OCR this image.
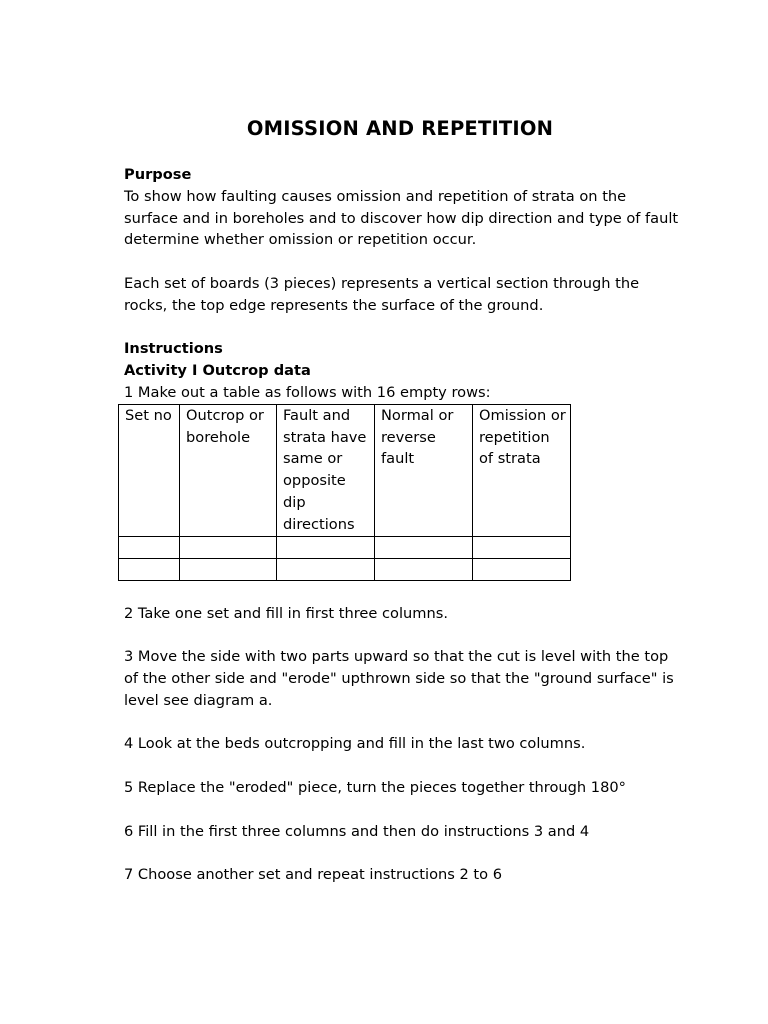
OMISSION AND REPETITION

Purpose

To show how faulting causes omission and repetition of strata on the surface and in boreholes and to discover how dip direction and type of fault determine whether omission or repetition occur.

Each set of boards (3 pieces) represents a vertical section through the rocks, the top edge represents the surface of the ground.

Instructions

Activity I Outcrop data

1 Make out a table as follows with 16 empty rows:

Set no	Outcrop or borehole	Fault and strata have same or opposite dip directions	Normal or reverse fault	Omission or repetition of strata

2 Take one set and fill in first three columns.

3 Move the side with two parts upward so that the cut is level with the top of the other side and "erode" upthrown side so that the "ground surface" is level see diagram a.

4 Look at the beds outcropping and fill in the last two columns.

5 Replace the "eroded" piece, turn the pieces together through 180°

6 Fill in the first three columns and then do instructions 3 and 4

7 Choose another set and repeat instructions 2 to 6
